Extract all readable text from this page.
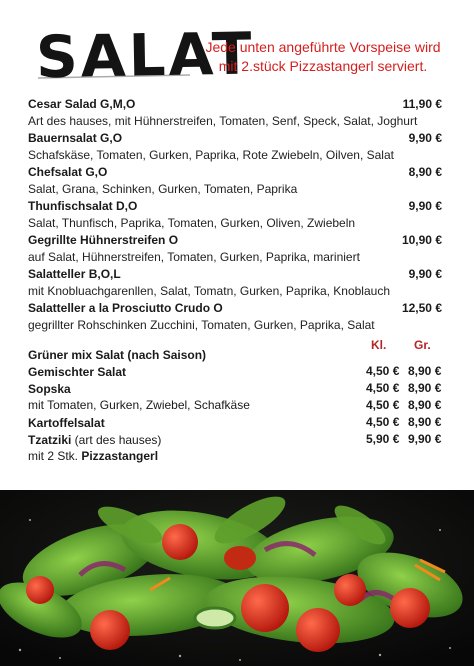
SALAT
Jede unten angeführte Vorspeise wird
mit 2.stück Pizzastangerl serviert.
Cesar Salad G,M,O	11,90 €
Art des hauses, mit Hühnerstreifen, Tomaten, Senf, Speck, Salat, Joghurt
Bauernsalat G,O	9,90 €
Schafskäse, Tomaten, Gurken, Paprika, Rote Zwiebeln, Oilven, Salat
Chefsalat G,O	8,90 €
Salat, Grana, Schinken, Gurken, Tomaten, Paprika
Thunfischsalat D,O	9,90 €
Salat, Thunfisch, Paprika, Tomaten, Gurken, Oliven, Zwiebeln
Gegrillte Hühnerstreifen O	10,90 €
auf Salat, Hühnerstreifen, Tomaten, Gurken, Paprika, mariniert
Salatteller B,O,L	9,90 €
mit Knobluachgarenllen, Salat, Tomatn, Gurken, Paprika, Knoblauch
Salatteller a la Prosciutto Crudo O	12,50 €
gegrillter Rohschinken Zucchini, Tomaten, Gurken, Paprika, Salat
Kl. Gr.
Grüner mix Salat (nach Saison)
Gemischter Salat	4,50 € 8,90 €
Sopska	4,50 € 8,90 €
mit Tomaten, Gurken, Zwiebel, Schafkäse	4,50 € 8,90 €
Kartoffelsalat	4,50 € 8,90 €
Tzatziki (art des hauses)	5,90 € 9,90 €
mit 2 Stk. Pizzastangerl
